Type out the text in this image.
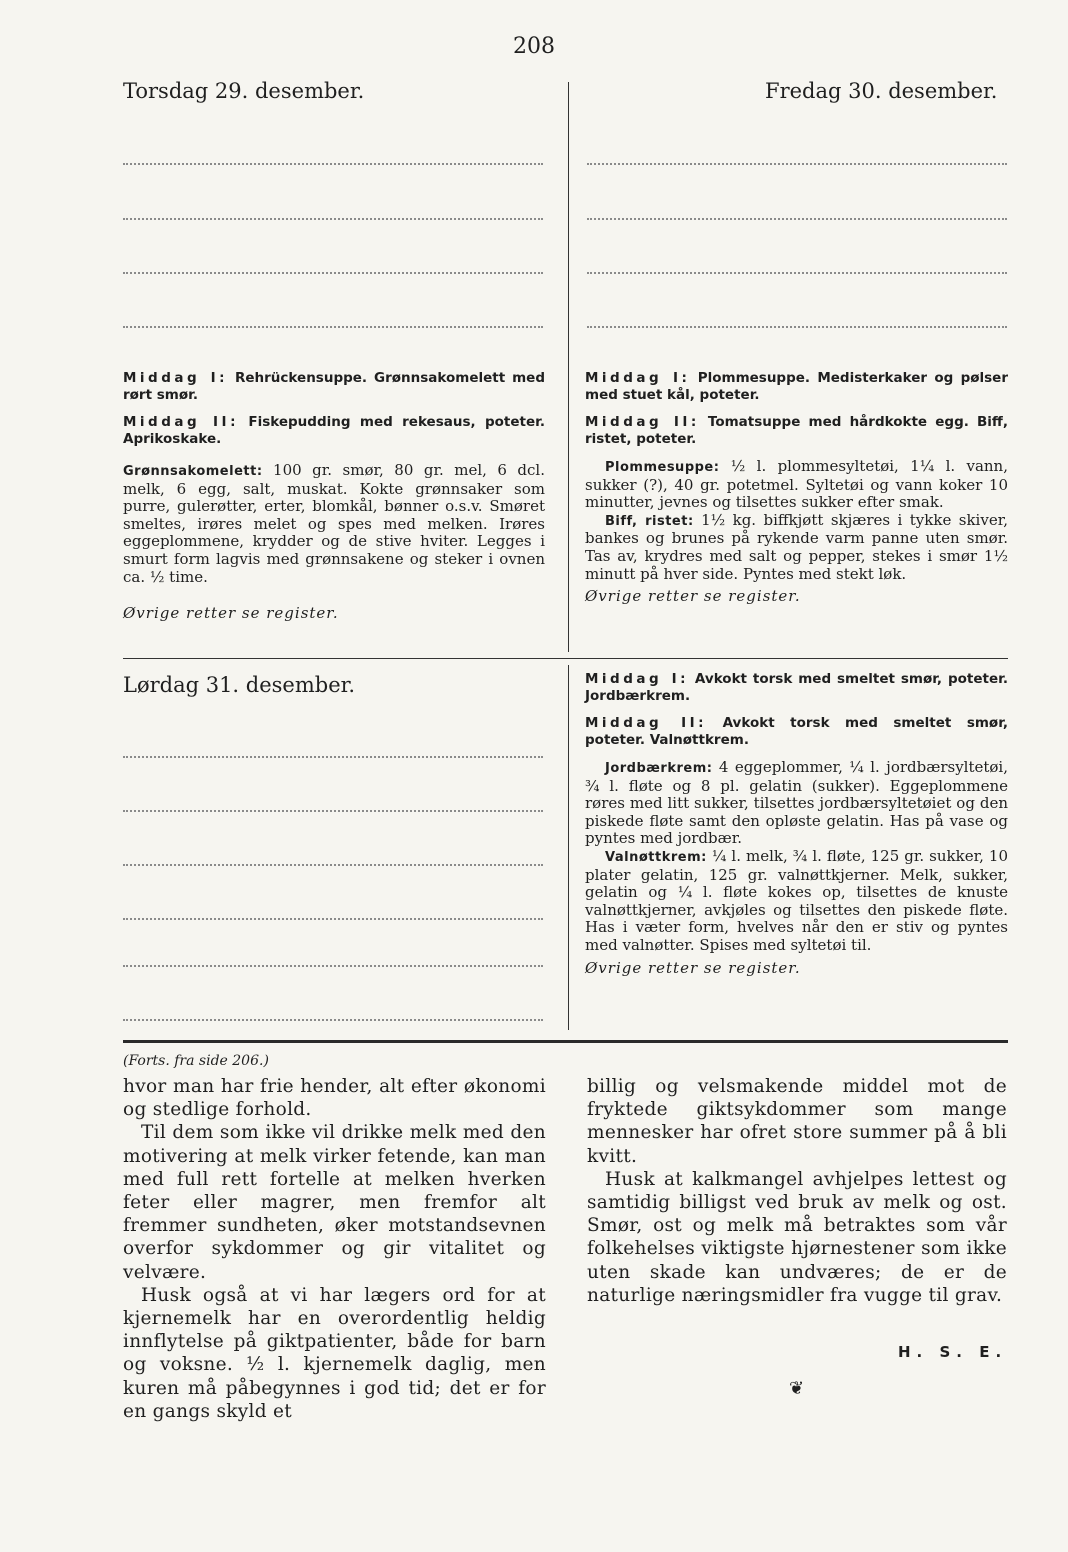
208
Torsdag 29. desember.

Middag I: Rehrückensuppe. Grønnsakomelett med rørt smør.

Middag II: Fiskepudding med rekesaus, poteter. Aprikoskake.

Grønnsakomelett: 100 gr. smør, 80 gr. mel, 6 dcl. melk, 6 egg, salt, muskat. Kokte grønnsaker som purre, gulerøtter, erter, blomkål, bønner o.s.v. Smøret smeltes, irøres melet og spes med melken. Irøres eggeplommene, krydder og de stive hviter. Legges i smurt form lagvis med grønnsakene og steker i ovnen ca. ½ time.

Øvrige retter se register.
Fredag 30. desember.

Middag I: Plommesuppe. Medisterkaker og pølser med stuet kål, poteter.

Middag II: Tomatsuppe med hårdkokte egg. Biff, ristet, poteter.

Plommesuppe: ½ l. plommesyltetøi, 1¼ l. vann, sukker (?), 40 gr. potetmel. Syltetøi og vann koker 10 minutter, jevnes og tilsettes sukker efter smak.

Biff, ristet: 1½ kg. biffkjøtt skjæres i tykke skiver, bankes og brunes på rykende varm panne uten smør. Tas av, krydres med salt og pepper, stekes i smør 1½ minutt på hver side. Pyntes med stekt løk.

Øvrige retter se register.
Lørdag 31. desember.	Middag I: Avkokt torsk med smeltet smør, poteter. Jordbærkrem.

Middag II: Avkokt torsk med smeltet smør, poteter. Valnøttkrem.

Jordbærkrem: 4 eggeplommer, ¼ l. jordbærsyltetøi, ¾ l. fløte og 8 pl. gelatin (sukker). Eggeplommene røres med litt sukker, tilsettes jordbærsyltetøiet og den piskede fløte samt den opløste gelatin. Has på vase og pyntes med jordbær.

Valnøttkrem: ¼ l. melk, ¾ l. fløte, 125 gr. sukker, 10 plater gelatin, 125 gr. valnøttkjerner. Melk, sukker, gelatin og ¼ l. fløte kokes op, tilsettes de knuste valnøttkjerner, avkjøles og tilsettes den piskede fløte. Has i væter form, hvelves når den er stiv og pyntes med valnøtter. Spises med syltetøi til.

Øvrige retter se register.
(Forts. fra side 206.)

hvor man har frie hender, alt efter økonomi og stedlige forhold.

Til dem som ikke vil drikke melk med den motivering at melk virker fetende, kan man med full rett fortelle at melken hverken feter eller magrer, men fremfor alt fremmer sundheten, øker motstandsevnen overfor sykdommer og gir vitalitet og velvære.

Husk også at vi har lægers ord for at kjernemelk har en overordentlig heldig innflytelse på giktpatienter, både for barn og voksne. ½ l. kjernemelk daglig, men kuren må påbegynnes i god tid; det er for en gangs skyld et

billig og velsmakende middel mot de fryktede giktsykdommer som mange mennesker har ofret store summer på å bli kvitt.

Husk at kalkmangel avhjelpes lettest og samtidig billigst ved bruk av melk og ost. Smør, ost og melk må betraktes som vår folkehelses viktigste hjørnestener som ikke uten skade kan undværes; de er de naturlige næringsmidler fra vugge til grav.

H. S. E.
❦
